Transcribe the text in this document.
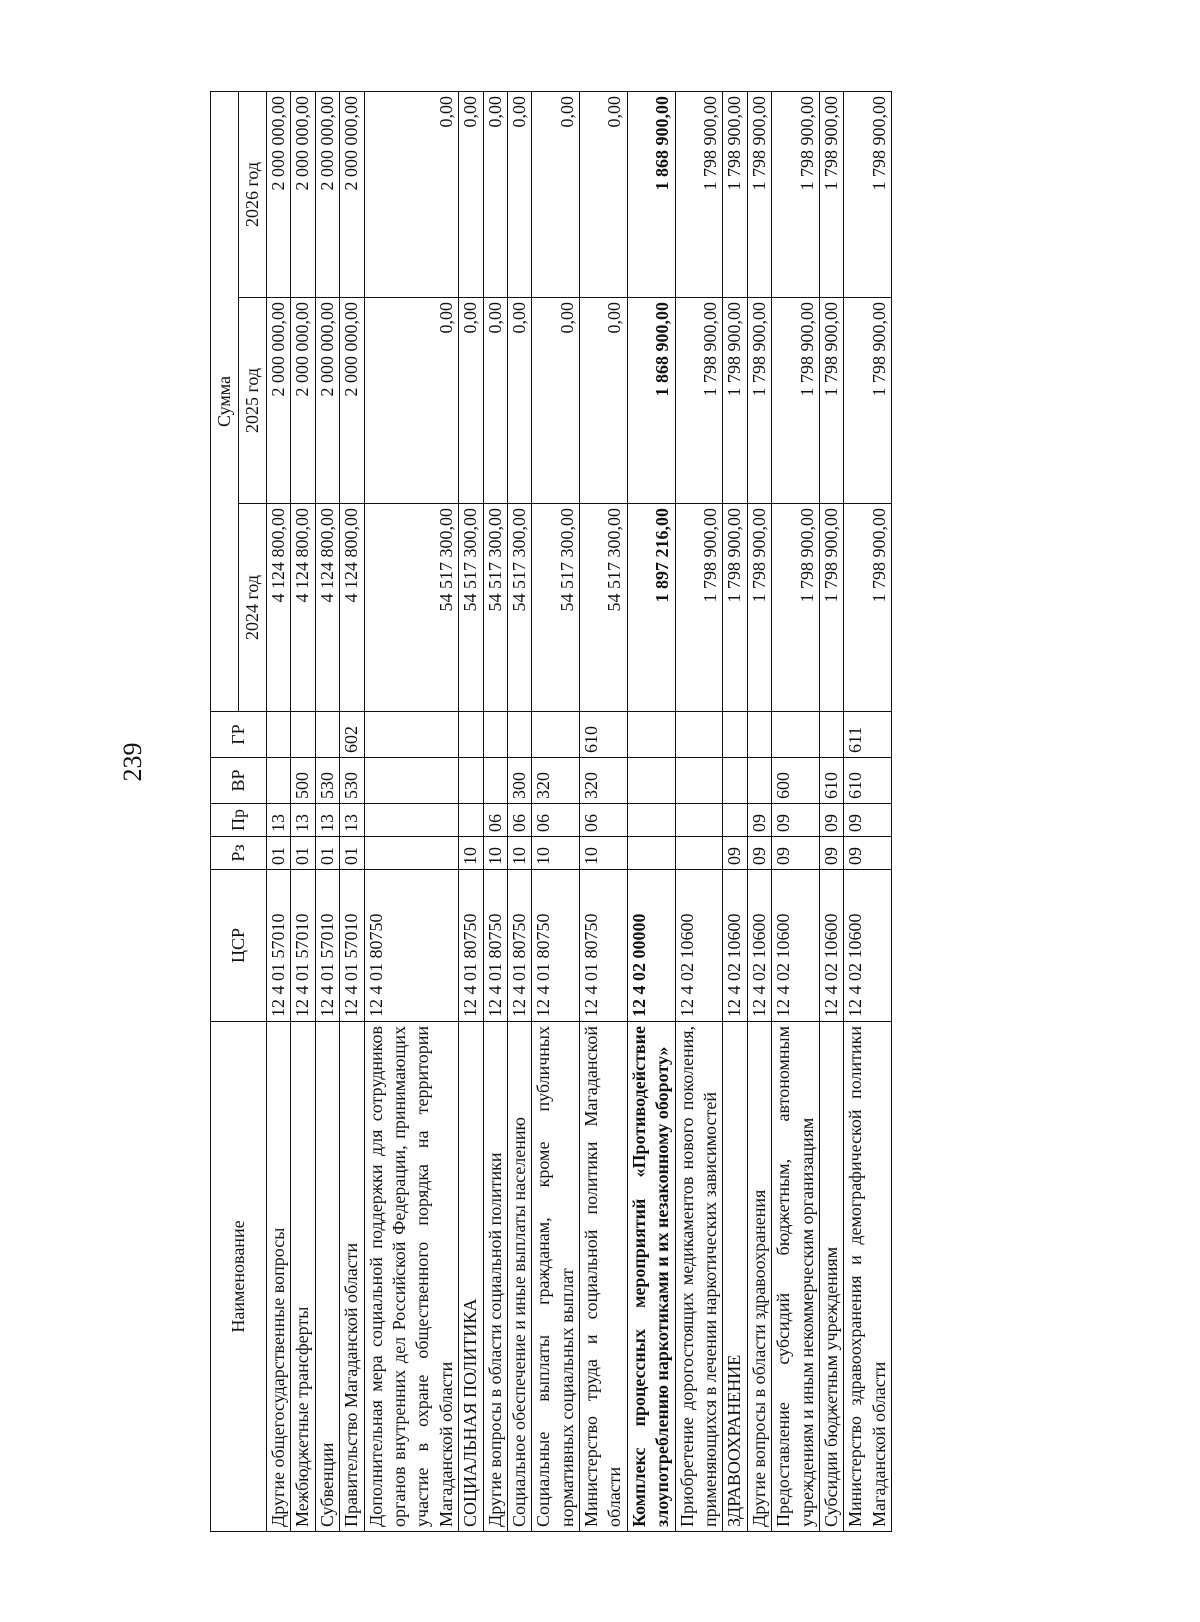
239
Наименование	ЦСР	Рз	Пр	ВР	ГР	Сумма		
						2024 год	2025 год	2026 год
Другие общегосударственные вопросы	12 4 01 57010	01	13			4 124 800,00	2 000 000,00	2 000 000,00
Межбюджетные трансферты	12 4 01 57010	01	13	500		4 124 800,00	2 000 000,00	2 000 000,00
Субвенции	12 4 01 57010	01	13	530		4 124 800,00	2 000 000,00	2 000 000,00
Правительство Магаданской области	12 4 01 57010	01	13	530	602	4 124 800,00	2 000 000,00	2 000 000,00
Дополнительная мера социальной поддержки для сотрудников органов внутренних дел Российской Федерации, принимающих участие в охране общественного порядка на территории Магаданской области	12 4 01 80750					54 517 300,00	0,00	0,00
СОЦИАЛЬНАЯ ПОЛИТИКА	12 4 01 80750	10				54 517 300,00	0,00	0,00
Другие вопросы в области социальной политики	12 4 01 80750	10	06			54 517 300,00	0,00	0,00
Социальное обеспечение и иные выплаты населению	12 4 01 80750	10	06	300		54 517 300,00	0,00	0,00
Социальные выплаты гражданам, кроме публичных нормативных социальных выплат	12 4 01 80750	10	06	320		54 517 300,00	0,00	0,00
Министерство труда и социальной политики Магаданской области	12 4 01 80750	10	06	320	610	54 517 300,00	0,00	0,00
Комплекс процессных мероприятий «Противодействие злоупотреблению наркотиками и их незаконному обороту»	12 4 02 00000					1 897 216,00	1 868 900,00	1 868 900,00
Приобретение дорогостоящих медикаментов нового поколения, применяющихся в лечении наркотических зависимостей	12 4 02 10600					1 798 900,00	1 798 900,00	1 798 900,00
ЗДРАВООХРАНЕНИЕ	12 4 02 10600	09				1 798 900,00	1 798 900,00	1 798 900,00
Другие вопросы в области здравоохранения	12 4 02 10600	09	09			1 798 900,00	1 798 900,00	1 798 900,00
Предоставление субсидий бюджетным, автономным учреждениям и иным некоммерческим организациям	12 4 02 10600	09	09	600		1 798 900,00	1 798 900,00	1 798 900,00
Субсидии бюджетным учреждениям	12 4 02 10600	09	09	610		1 798 900,00	1 798 900,00	1 798 900,00
Министерство здравоохранения и демографической политики Магаданской области	12 4 02 10600	09	09	610	611	1 798 900,00	1 798 900,00	1 798 900,00
